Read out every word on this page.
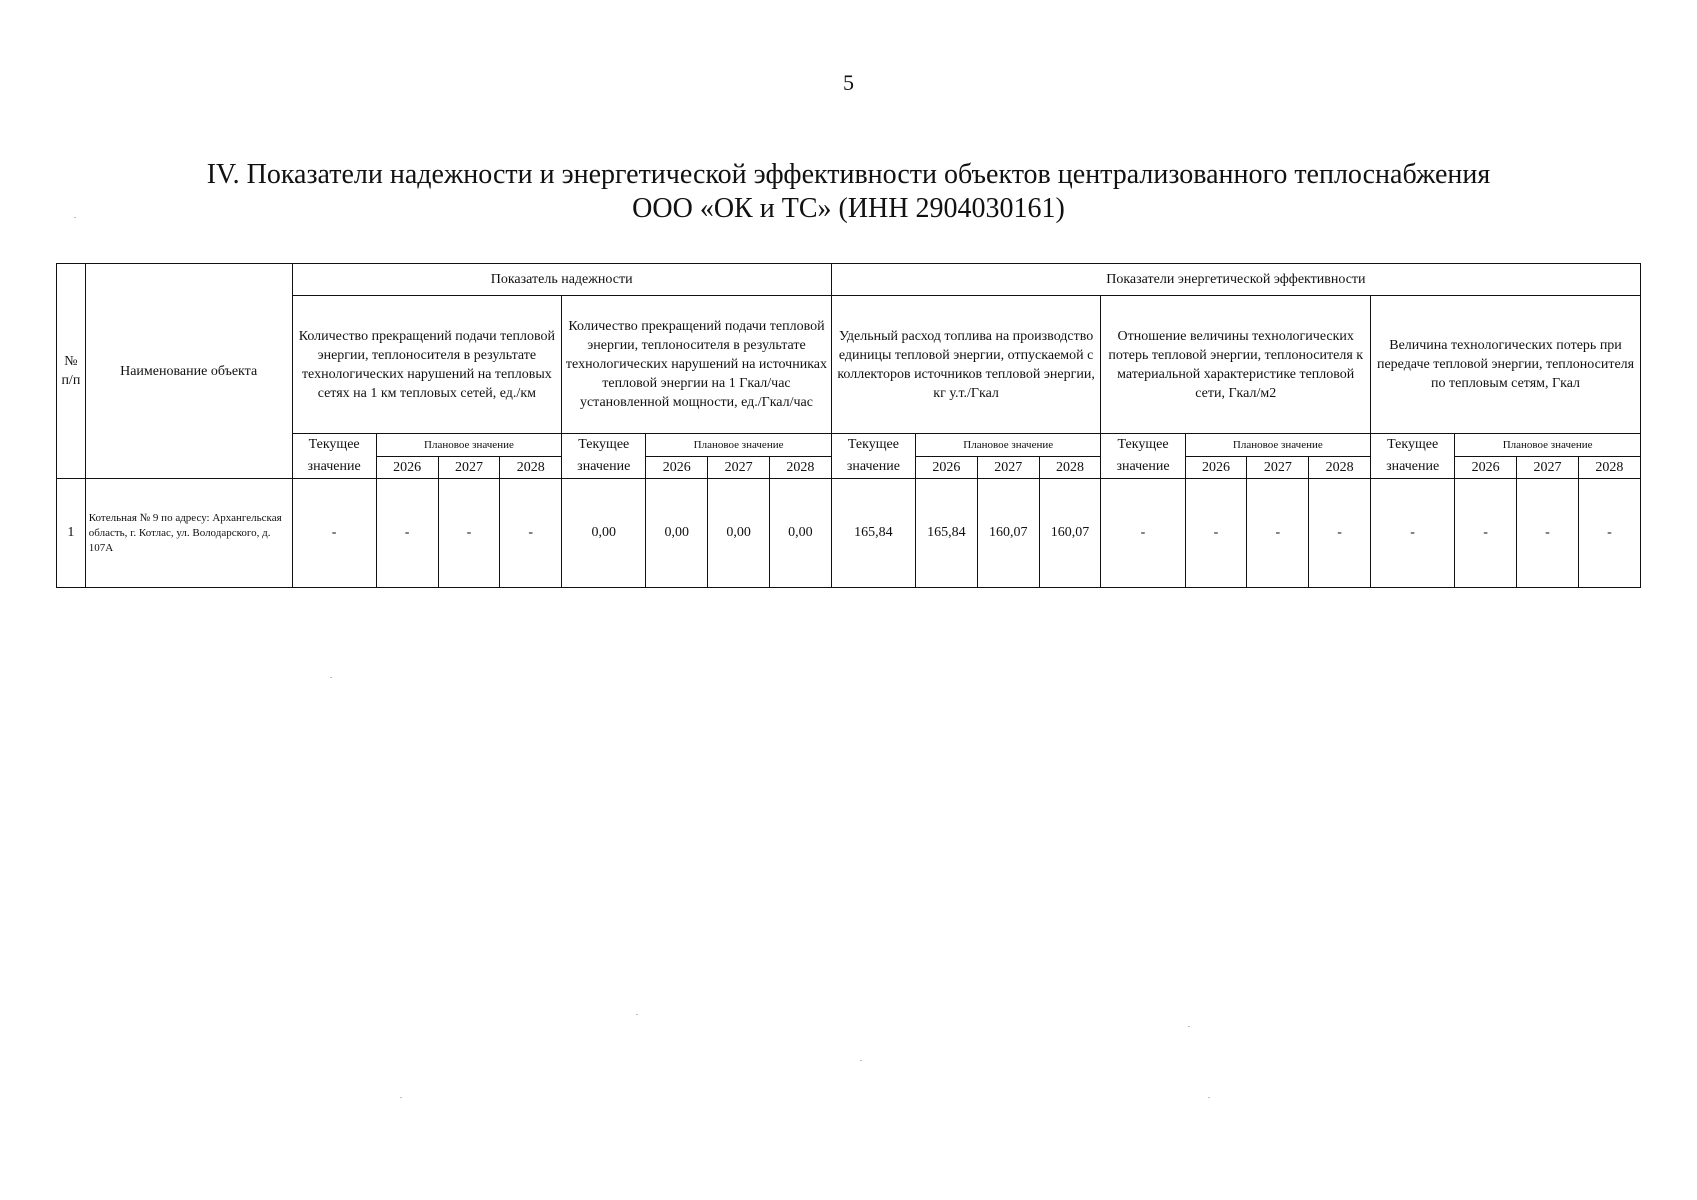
5
IV. Показатели надежности и энергетической эффективности объектов централизованного теплоснабжения
ООО «ОК и ТС» (ИНН 2904030161)
№ п/п	Наименование объекта	Показатель надежности								Показатели энергетической эффективности											
		Количество прекращений подачи тепловой энергии, теплоносителя в результате технологических нарушений на тепловых сетях на 1 км тепловых сетей, ед./км				Количество прекращений подачи тепловой энергии, теплоносителя в результате технологических нарушений на источниках тепловой энергии на 1 Гкал/час установленной мощности, ед./Гкал/час				Удельный расход топлива на производство единицы тепловой энергии, отпускаемой с коллекторов источников тепловой энергии, кг у.т./Гкал				Отношение величины технологических потерь тепловой энергии, теплоносителя к материальной характеристике тепловой сети, Гкал/м2				Величина технологических потерь при передаче тепловой энергии, теплоносителя по тепловым сетям, Гкал			
		Текущее	Плановое значение			Текущее	Плановое значение			Текущее	Плановое значение			Текущее	Плановое значение			Текущее	Плановое значение		
		значение	2026	2027	2028	значение	2026	2027	2028	значение	2026	2027	2028	значение	2026	2027	2028	значение	2026	2027	2028
1	Котельная № 9 по адресу: Архангельская область, г. Котлас, ул. Володарского, д. 107А	-	-	-	-	0,00	0,00	0,00	0,00	165,84	165,84	160,07	160,07	-	-	-	-	-	-	-	-
